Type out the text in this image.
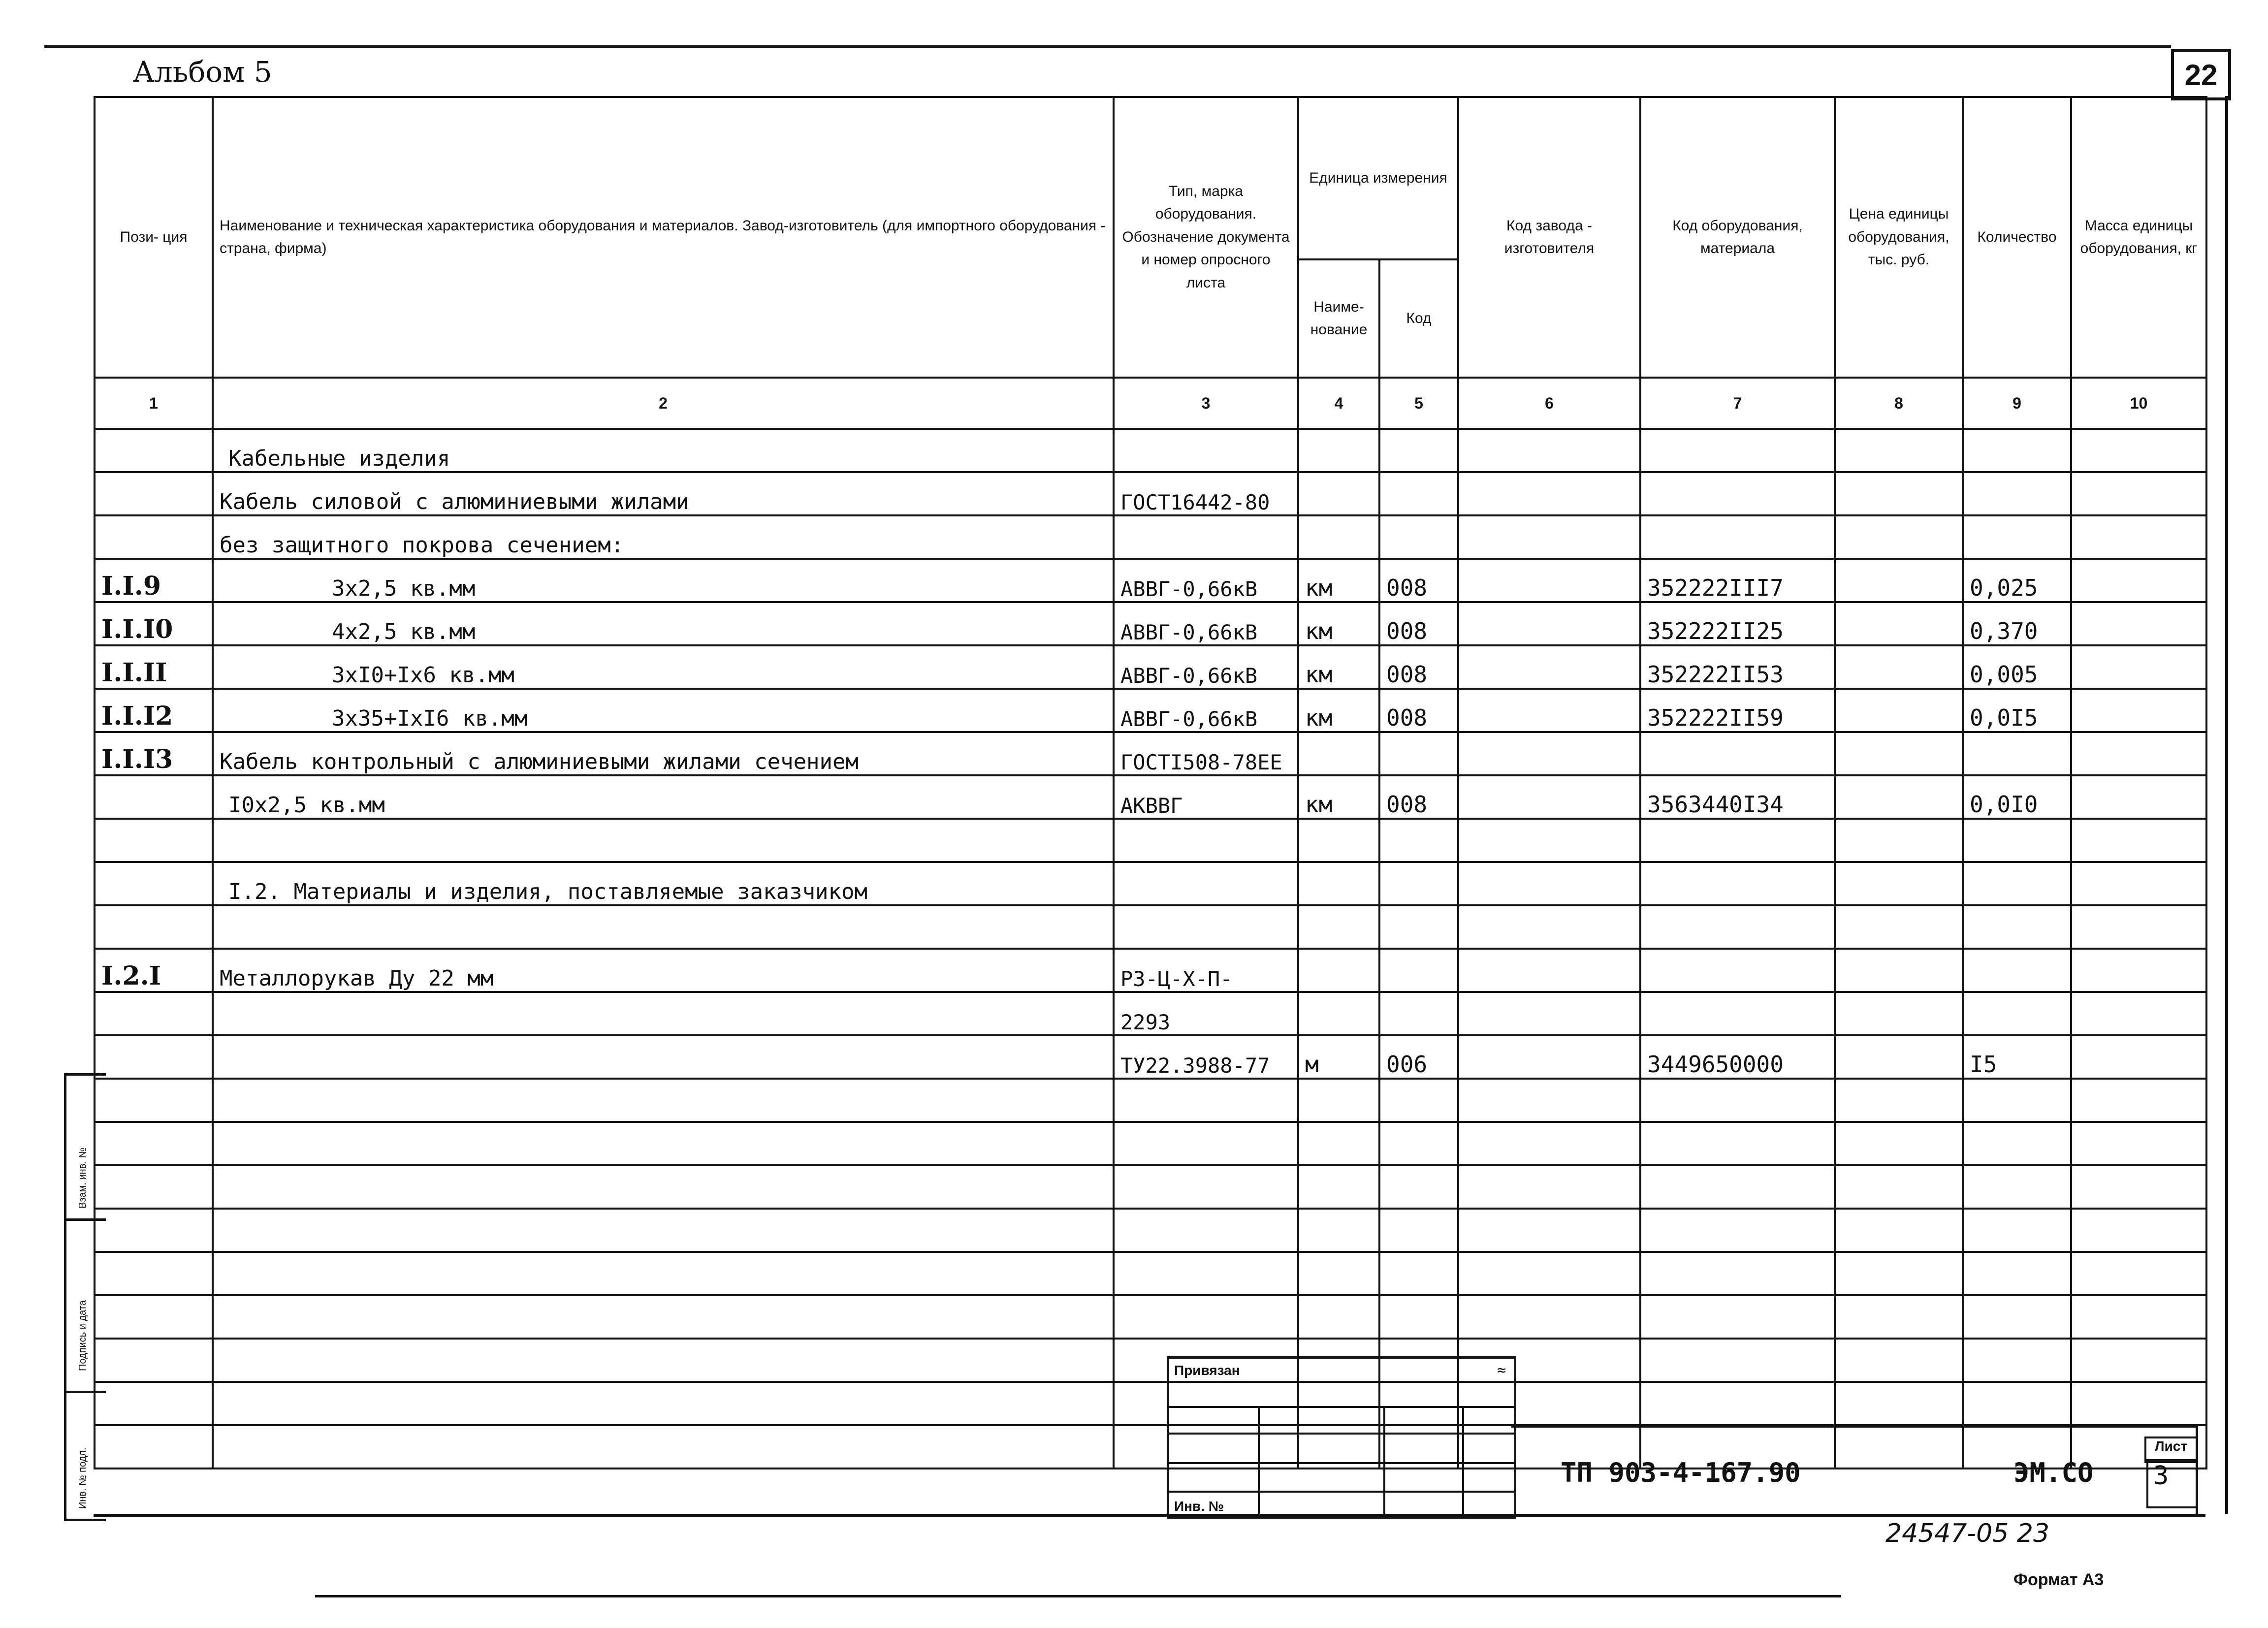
Альбом 5	22
Пози- ция	Наименование и техническая характеристика оборудования и материалов. Завод-изготовитель (для импортного оборудования - страна, фирма)	Тип, марка оборудования. Обозначение документа и номер опросного листа	Единица измерения		Код завода - изготовителя	Код оборудования, материала	Цена единицы оборудования, тыс. руб.	Количество	Масса единицы оборудования, кг
			Наименование	Код					
1	2	3	4	5	6	7	8	9	10
	Кабельные изделия								
	Кабель силовой с алюминиевыми жилами	ГОСТ16442-80							
	без защитного покрова сечением:								
I.I.9	3х2,5 кв.мм	АВВГ-0,66кВ	км	008		352222III7		0,025	
I.I.I0	4х2,5 кв.мм	АВВГ-0,66кВ	км	008		352222II25		0,370	
I.I.II	3хI0+Iх6 кв.мм	АВВГ-0,66кВ	км	008		352222II53		0,005	
I.I.I2	3х35+IхI6 кв.мм	АВВГ-0,66кВ	км	008		352222II59		0,0I5	
I.I.I3	Кабель контрольный с алюминиевыми жилами сечением	ГОСТI508-78ЕЕ							
	I0х2,5 кв.мм	АКВВГ	км	008		3563440I34		0,0I0	

	I.2. Материалы и изделия, поставляемые заказчиком								

I.2.I	Металлорукав Ду 22 мм	РЗ-Ц-Х-П-							
		2293							
		ТУ22.3988-77	м	006		3449650000		I5	

Взам. инв. №
Подпись и дата
Инв. № подл.
Привязан	≈
Инв. №
ТП 903-4-167.90	ЭМ.СО
Лист
3
24547-05 23
Формат А3
